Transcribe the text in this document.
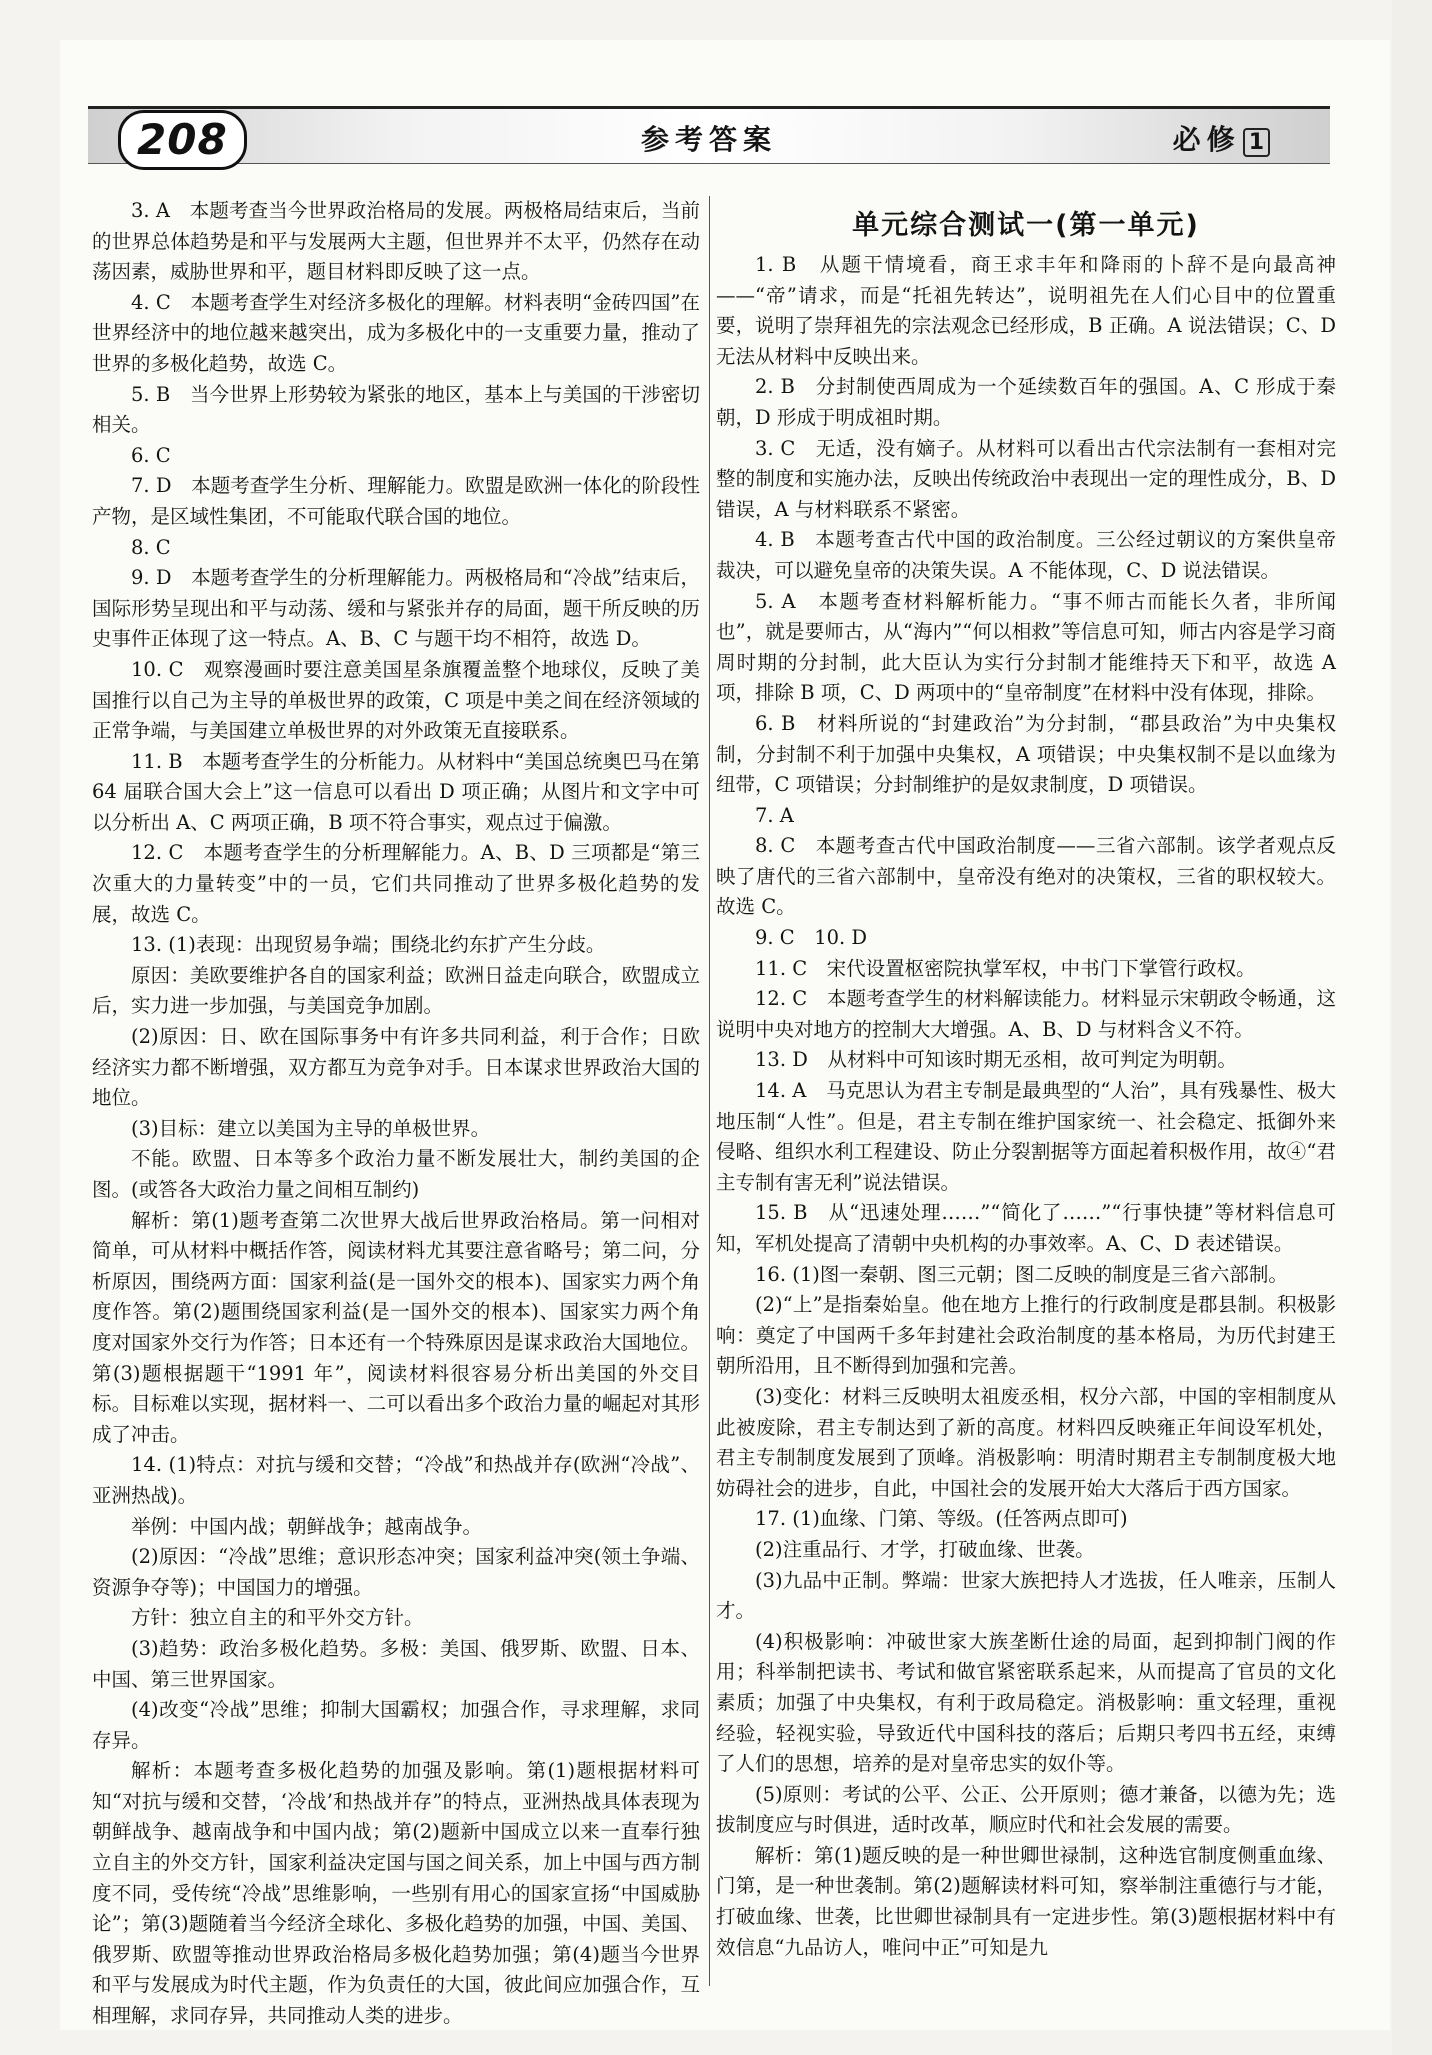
208	参考答案	必修 1

3. A　本题考查当今世界政治格局的发展。两极格局结束后，当前的世界总体趋势是和平与发展两大主题，但世界并不太平，仍然存在动荡因素，威胁世界和平，题目材料即反映了这一点。

4. C　本题考查学生对经济多极化的理解。材料表明“金砖四国”在世界经济中的地位越来越突出，成为多极化中的一支重要力量，推动了世界的多极化趋势，故选 C。

5. B　当今世界上形势较为紧张的地区，基本上与美国的干涉密切相关。

6. C

7. D　本题考查学生分析、理解能力。欧盟是欧洲一体化的阶段性产物，是区域性集团，不可能取代联合国的地位。

8. C

9. D　本题考查学生的分析理解能力。两极格局和“冷战”结束后，国际形势呈现出和平与动荡、缓和与紧张并存的局面，题干所反映的历史事件正体现了这一特点。A、B、C 与题干均不相符，故选 D。

10. C　观察漫画时要注意美国星条旗覆盖整个地球仪，反映了美国推行以自己为主导的单极世界的政策，C 项是中美之间在经济领域的正常争端，与美国建立单极世界的对外政策无直接联系。

11. B　本题考查学生的分析能力。从材料中“美国总统奥巴马在第 64 届联合国大会上”这一信息可以看出 D 项正确；从图片和文字中可以分析出 A、C 两项正确，B 项不符合事实，观点过于偏激。

12. C　本题考查学生的分析理解能力。A、B、D 三项都是“第三次重大的力量转变”中的一员，它们共同推动了世界多极化趋势的发展，故选 C。

13. (1)表现：出现贸易争端；围绕北约东扩产生分歧。

原因：美欧要维护各自的国家利益；欧洲日益走向联合，欧盟成立后，实力进一步加强，与美国竞争加剧。

(2)原因：日、欧在国际事务中有许多共同利益，利于合作；日欧经济实力都不断增强，双方都互为竞争对手。日本谋求世界政治大国的地位。

(3)目标：建立以美国为主导的单极世界。

不能。欧盟、日本等多个政治力量不断发展壮大，制约美国的企图。(或答各大政治力量之间相互制约)

解析：第(1)题考查第二次世界大战后世界政治格局。第一问相对简单，可从材料中概括作答，阅读材料尤其要注意省略号；第二问，分析原因，围绕两方面：国家利益(是一国外交的根本)、国家实力两个角度作答。第(2)题围绕国家利益(是一国外交的根本)、国家实力两个角度对国家外交行为作答；日本还有一个特殊原因是谋求政治大国地位。第(3)题根据题干“1991 年”，阅读材料很容易分析出美国的外交目标。目标难以实现，据材料一、二可以看出多个政治力量的崛起对其形成了冲击。

14. (1)特点：对抗与缓和交替；“冷战”和热战并存(欧洲“冷战”、亚洲热战)。

举例：中国内战；朝鲜战争；越南战争。

(2)原因：“冷战”思维；意识形态冲突；国家利益冲突(领土争端、资源争夺等)；中国国力的增强。

方针：独立自主的和平外交方针。

(3)趋势：政治多极化趋势。多极：美国、俄罗斯、欧盟、日本、中国、第三世界国家。

(4)改变“冷战”思维；抑制大国霸权；加强合作，寻求理解，求同存异。

解析：本题考查多极化趋势的加强及影响。第(1)题根据材料可知“对抗与缓和交替，‘冷战’和热战并存”的特点，亚洲热战具体表现为朝鲜战争、越南战争和中国内战；第(2)题新中国成立以来一直奉行独立自主的外交方针，国家利益决定国与国之间关系，加上中国与西方制度不同，受传统“冷战”思维影响，一些别有用心的国家宣扬“中国威胁论”；第(3)题随着当今经济全球化、多极化趋势的加强，中国、美国、俄罗斯、欧盟等推动世界政治格局多极化趋势加强；第(4)题当今世界和平与发展成为时代主题，作为负责任的大国，彼此间应加强合作，互相理解，求同存异，共同推动人类的进步。

单元综合测试一(第一单元)

1. B　从题干情境看，商王求丰年和降雨的卜辞不是向最高神——“帝”请求，而是“托祖先转达”，说明祖先在人们心目中的位置重要，说明了崇拜祖先的宗法观念已经形成，B 正确。A 说法错误；C、D 无法从材料中反映出来。

2. B　分封制使西周成为一个延续数百年的强国。A、C 形成于秦朝，D 形成于明成祖时期。

3. C　无适，没有嫡子。从材料可以看出古代宗法制有一套相对完整的制度和实施办法，反映出传统政治中表现出一定的理性成分，B、D 错误，A 与材料联系不紧密。

4. B　本题考查古代中国的政治制度。三公经过朝议的方案供皇帝裁决，可以避免皇帝的决策失误。A 不能体现，C、D 说法错误。

5. A　本题考查材料解析能力。“事不师古而能长久者，非所闻也”，就是要师古，从“海内”“何以相救”等信息可知，师古内容是学习商周时期的分封制，此大臣认为实行分封制才能维持天下和平，故选 A 项，排除 B 项，C、D 两项中的“皇帝制度”在材料中没有体现，排除。

6. B　材料所说的“封建政治”为分封制，“郡县政治”为中央集权制，分封制不利于加强中央集权，A 项错误；中央集权制不是以血缘为纽带，C 项错误；分封制维护的是奴隶制度，D 项错误。

7. A

8. C　本题考查古代中国政治制度——三省六部制。该学者观点反映了唐代的三省六部制中，皇帝没有绝对的决策权，三省的职权较大。故选 C。

9. C　10. D

11. C　宋代设置枢密院执掌军权，中书门下掌管行政权。

12. C　本题考查学生的材料解读能力。材料显示宋朝政令畅通，这说明中央对地方的控制大大增强。A、B、D 与材料含义不符。

13. D　从材料中可知该时期无丞相，故可判定为明朝。

14. A　马克思认为君主专制是最典型的“人治”，具有残暴性、极大地压制“人性”。但是，君主专制在维护国家统一、社会稳定、抵御外来侵略、组织水利工程建设、防止分裂割据等方面起着积极作用，故④“君主专制有害无利”说法错误。

15. B　从“迅速处理……”“简化了……”“行事快捷”等材料信息可知，军机处提高了清朝中央机构的办事效率。A、C、D 表述错误。

16. (1)图一秦朝、图三元朝；图二反映的制度是三省六部制。

(2)“上”是指秦始皇。他在地方上推行的行政制度是郡县制。积极影响：奠定了中国两千多年封建社会政治制度的基本格局，为历代封建王朝所沿用，且不断得到加强和完善。

(3)变化：材料三反映明太祖废丞相，权分六部，中国的宰相制度从此被废除，君主专制达到了新的高度。材料四反映雍正年间设军机处，君主专制制度发展到了顶峰。消极影响：明清时期君主专制制度极大地妨碍社会的进步，自此，中国社会的发展开始大大落后于西方国家。

17. (1)血缘、门第、等级。(任答两点即可)

(2)注重品行、才学，打破血缘、世袭。

(3)九品中正制。弊端：世家大族把持人才选拔，任人唯亲，压制人才。

(4)积极影响：冲破世家大族垄断仕途的局面，起到抑制门阀的作用；科举制把读书、考试和做官紧密联系起来，从而提高了官员的文化素质；加强了中央集权，有利于政局稳定。消极影响：重文轻理，重视经验，轻视实验，导致近代中国科技的落后；后期只考四书五经，束缚了人们的思想，培养的是对皇帝忠实的奴仆等。

(5)原则：考试的公平、公正、公开原则；德才兼备，以德为先；选拔制度应与时俱进，适时改革，顺应时代和社会发展的需要。

解析：第(1)题反映的是一种世卿世禄制，这种选官制度侧重血缘、门第，是一种世袭制。第(2)题解读材料可知，察举制注重德行与才能，打破血缘、世袭，比世卿世禄制具有一定进步性。第(3)题根据材料中有效信息“九品访人，唯问中正”可知是九
